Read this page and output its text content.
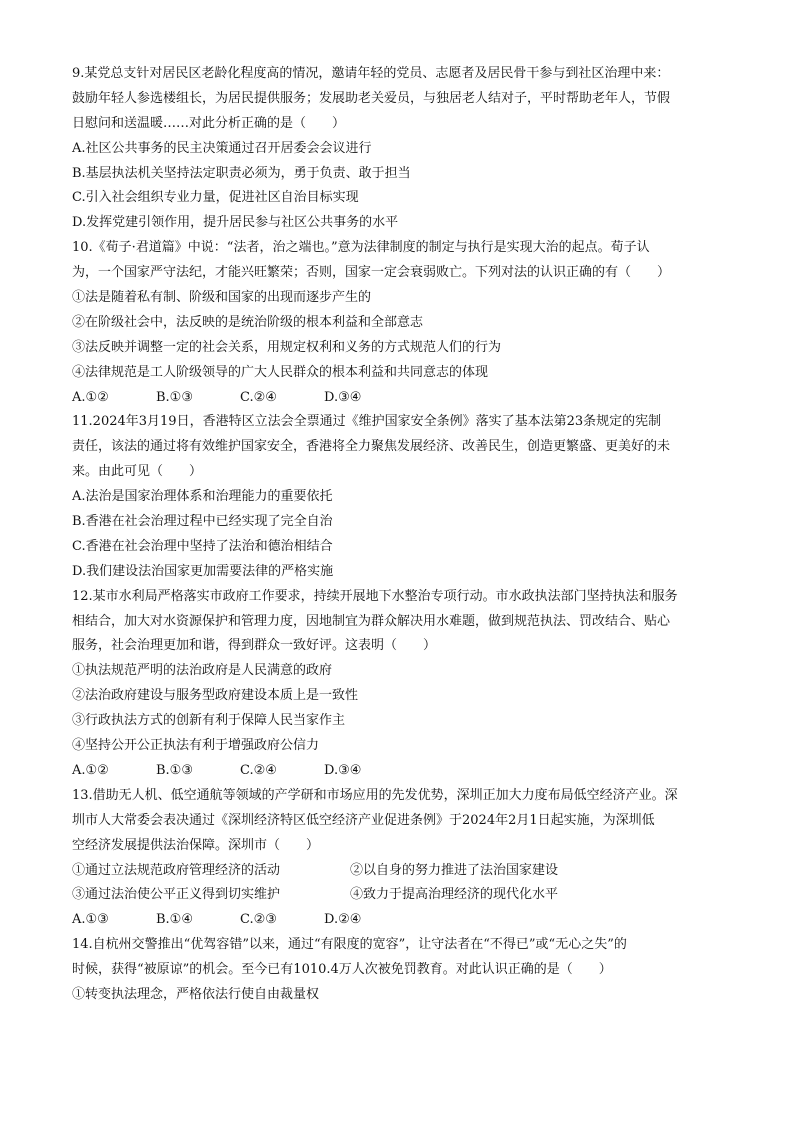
9.某党总支针对居民区老龄化程度高的情况，邀请年轻的党员、志愿者及居民骨干参与到社区治理中来：
鼓励年轻人参选楼组长，为居民提供服务；发展助老关爱员，与独居老人结对子，平时帮助老年人，节假
日慰问和送温暖……对此分析正确的是（　　）
A.社区公共事务的民主决策通过召开居委会会议进行
B.基层执法机关坚持法定职责必须为，勇于负责、敢于担当
C.引入社会组织专业力量，促进社区自治目标实现
D.发挥党建引领作用，提升居民参与社区公共事务的水平
10.《荀子·君道篇》中说：“法者，治之端也。”意为法律制度的制定与执行是实现大治的起点。荀子认
为，一个国家严守法纪，才能兴旺繁荣；否则，国家一定会衰弱败亡。下列对法的认识正确的有（　　）
①法是随着私有制、阶级和国家的出现而逐步产生的
②在阶级社会中，法反映的是统治阶级的根本利益和全部意志
③法反映并调整一定的社会关系，用规定权利和义务的方式规范人们的行为
④法律规范是工人阶级领导的广大人民群众的根本利益和共同意志的体现
A.①②	B.①③	C.②④	D.③④
11.2024年3月19日，香港特区立法会全票通过《维护国家安全条例》落实了基本法第23条规定的宪制
责任，该法的通过将有效维护国家安全，香港将全力聚焦发展经济、改善民生，创造更繁盛、更美好的未
来。由此可见（　　）
A.法治是国家治理体系和治理能力的重要依托
B.香港在社会治理过程中已经实现了完全自治
C.香港在社会治理中坚持了法治和德治相结合
D.我们建设法治国家更加需要法律的严格实施
12.某市水利局严格落实市政府工作要求，持续开展地下水整治专项行动。市水政执法部门坚持执法和服务
相结合，加大对水资源保护和管理力度，因地制宜为群众解决用水难题，做到规范执法、罚改结合、贴心
服务，社会治理更加和谐，得到群众一致好评。这表明（　　）
①执法规范严明的法治政府是人民满意的政府
②法治政府建设与服务型政府建设本质上是一致性
③行政执法方式的创新有利于保障人民当家作主
④坚持公开公正执法有利于增强政府公信力
A.①②	B.①③	C.②④	D.③④
13.借助无人机、低空通航等领域的产学研和市场应用的先发优势，深圳正加大力度布局低空经济产业。深
圳市人大常委会表决通过《深圳经济特区低空经济产业促进条例》于2024年2月1日起实施，为深圳低
空经济发展提供法治保障。深圳市（　　）
①通过立法规范政府管理经济的活动	②以自身的努力推进了法治国家建设
③通过法治使公平正义得到切实维护	④致力于提高治理经济的现代化水平
A.①③	B.①④	C.②③	D.②④
14.自杭州交警推出“优驾容错”以来，通过“有限度的宽容”，让守法者在“不得已”或“无心之失”的
时候，获得“被原谅”的机会。至今已有1010.4万人次被免罚教育。对此认识正确的是（　　）
①转变执法理念，严格依法行使自由裁量权
